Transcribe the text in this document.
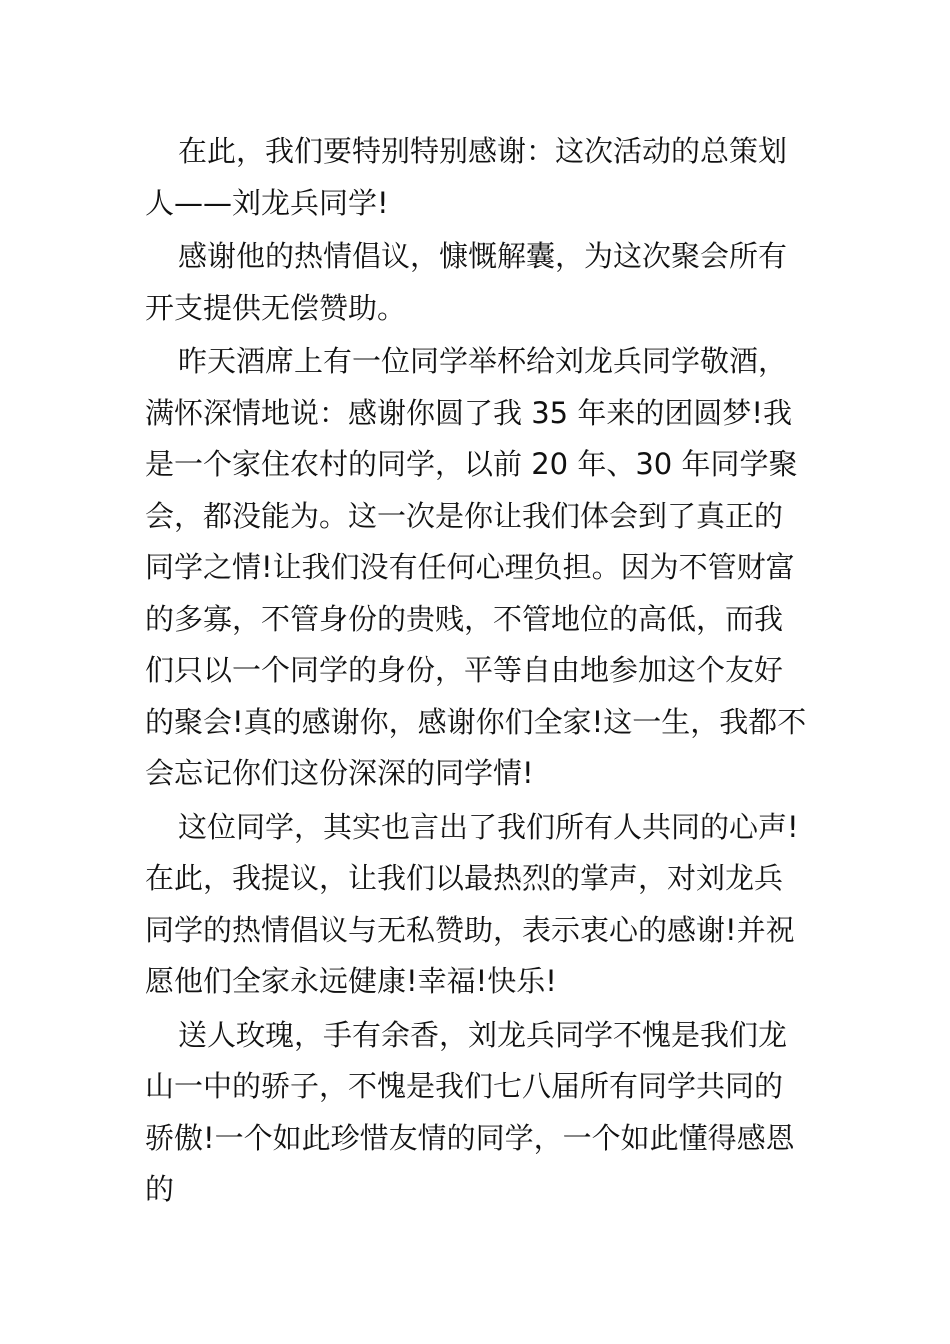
在此，我们要特别特别感谢：这次活动的总策划人——刘龙兵同学!

感谢他的热情倡议，慷慨解囊，为这次聚会所有开支提供无偿赞助。

昨天酒席上有一位同学举杯给刘龙兵同学敬酒，满怀深情地说：感谢你圆了我 35 年来的团圆梦!我是一个家住农村的同学，以前 20 年、30 年同学聚会，都没能为。这一次是你让我们体会到了真正的同学之情!让我们没有任何心理负担。因为不管财富的多寡，不管身份的贵贱，不管地位的高低，而我们只以一个同学的身份，平等自由地参加这个友好的聚会!真的感谢你，感谢你们全家!这一生，我都不会忘记你们这份深深的同学情!

这位同学，其实也言出了我们所有人共同的心声!在此，我提议，让我们以最热烈的掌声，对刘龙兵同学的热情倡议与无私赞助，表示衷心的感谢!并祝愿他们全家永远健康!幸福!快乐!

送人玫瑰，手有余香，刘龙兵同学不愧是我们龙山一中的骄子，不愧是我们七八届所有同学共同的骄傲!一个如此珍惜友情的同学，一个如此懂得感恩的
